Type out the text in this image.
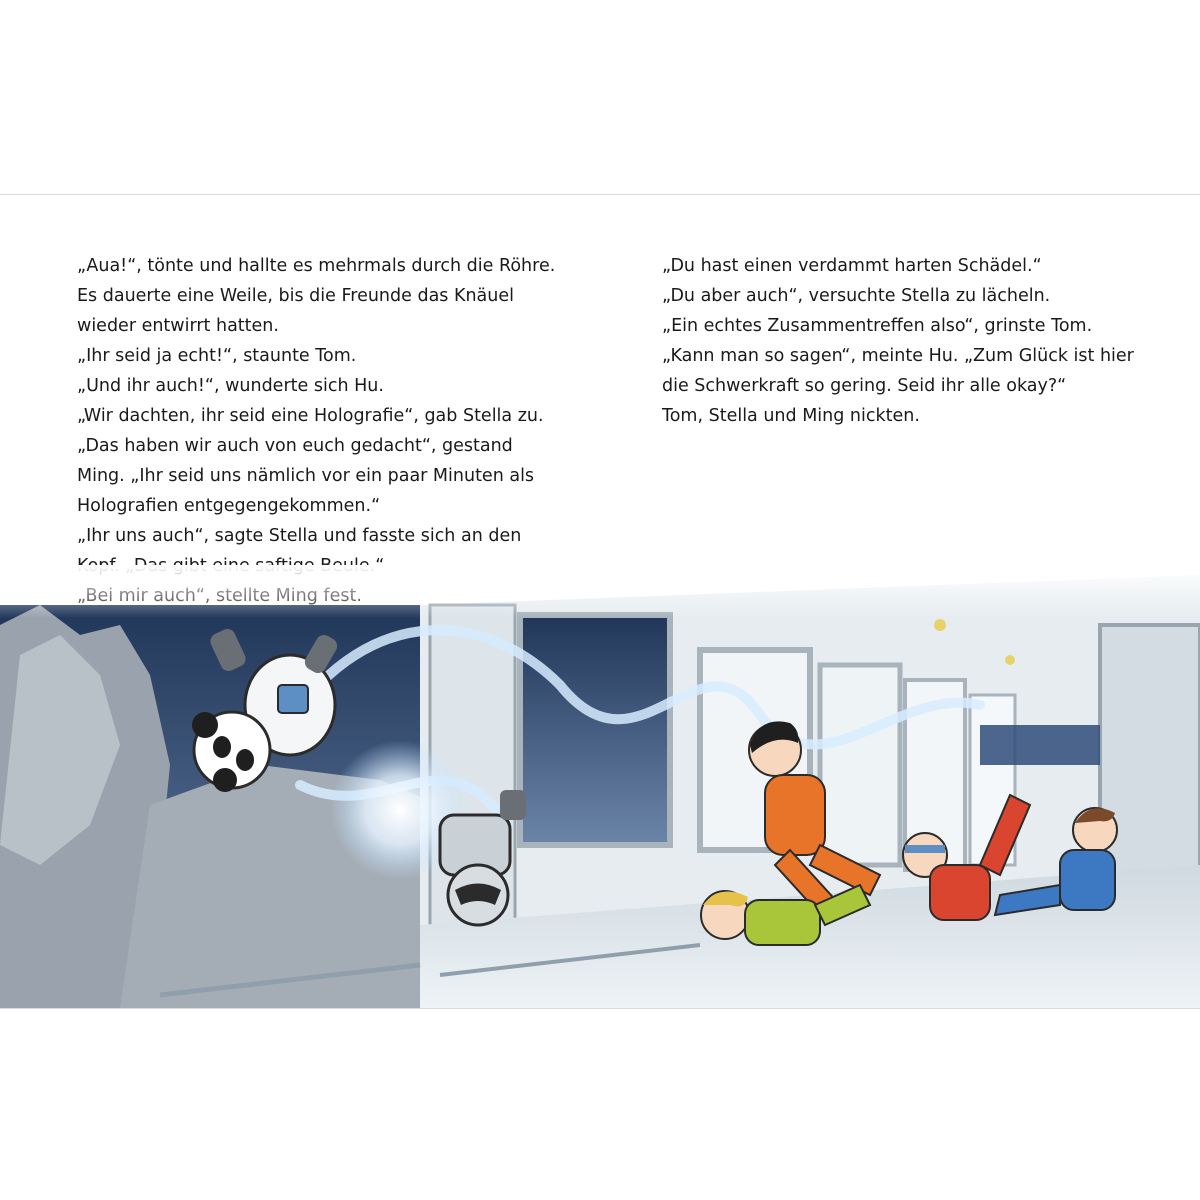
„Aua!“, tönte und hallte es mehrmals durch die Röhre.

Es dauerte eine Weile, bis die Freunde das Knäuel

wieder entwirrt hatten.

„Ihr seid ja echt!“, staunte Tom.

„Und ihr auch!“, wunderte sich Hu.

„Wir dachten, ihr seid eine Holografie“, gab Stella zu.

„Das haben wir auch von euch gedacht“, gestand

Ming. „Ihr seid uns nämlich vor ein paar Minuten als

Holografien entgegengekommen.“

„Ihr uns auch“, sagte Stella und fasste sich an den

„Du hast einen verdammt harten Schädel.“

„Du aber auch“, versuchte Stella zu lächeln.

„Ein echtes Zusammentreffen also“, grinste Tom.

„Kann man so sagen“, meinte Hu. „Zum Glück ist hier

die Schwerkraft so gering. Seid ihr alle okay?“

Tom, Stella und Ming nickten.
